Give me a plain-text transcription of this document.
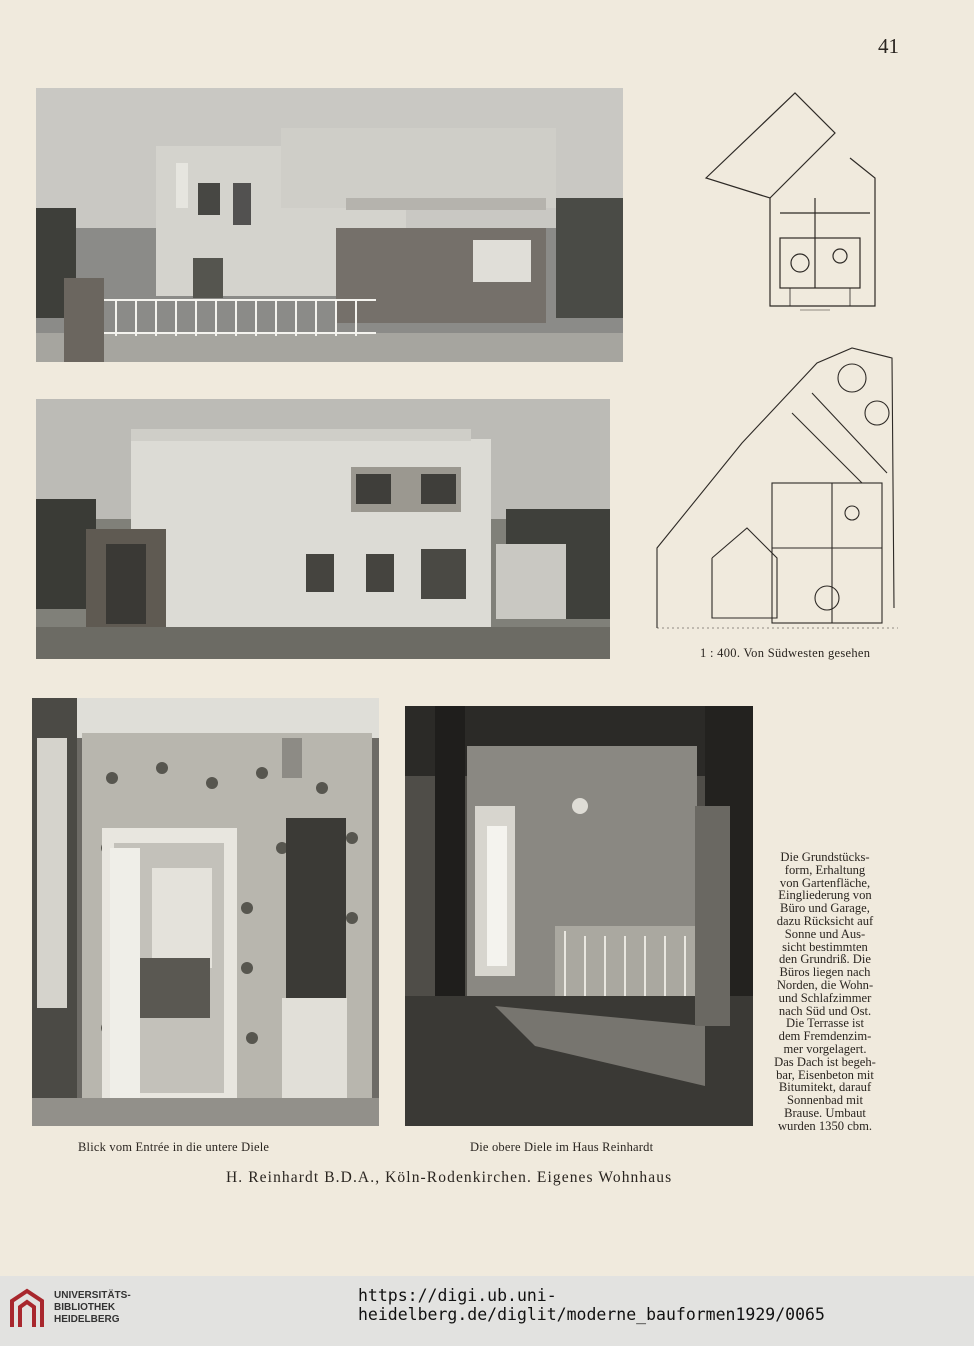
41
1 : 400. Von Südwesten gesehen
Blick vom Entrée in die untere Diele	Die obere Diele im Haus Reinhardt
Die Grundstücks-
form, Erhaltung
von Gartenfläche,
Eingliederung von
Büro und Garage,
dazu Rücksicht auf
Sonne und Aus-
sicht bestimmten
den Grundriß. Die
Büros liegen nach
Norden, die Wohn-
und Schlafzimmer
nach Süd und Ost.
Die Terrasse ist
dem Fremdenzim-
mer vorgelagert.
Das Dach ist begeh-
bar, Eisenbeton mit
Bitumitekt, darauf
Sonnenbad mit
Brause. Umbaut
wurden 1350 cbm.
H. Reinhardt B.D.A., Köln-Rodenkirchen. Eigenes Wohnhaus
UNIVERSITÄTS-
BIBLIOTHEK
HEIDELBERG
https://digi.ub.uni-heidelberg.de/diglit/moderne_bauformen1929/0065
